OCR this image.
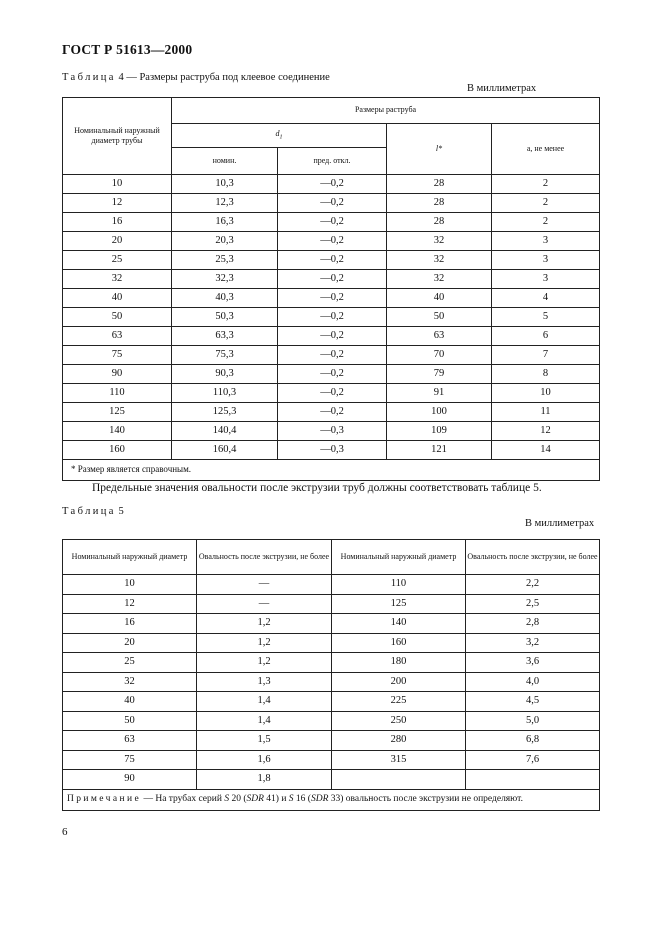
ГОСТ Р 51613—2000
Таблица 4 — Размеры раструба под клеевое соединение
В миллиметрах
Номинальный наружный диаметр трубы	Размеры раструба			
	$d_1$		l*	а, не менее
	номин.	пред. откл.		
10	10,3	—0,2	28	2
12	12,3	—0,2	28	2
16	16,3	—0,2	28	2
20	20,3	—0,2	32	3
25	25,3	—0,2	32	3
32	32,3	—0,2	32	3
40	40,3	—0,2	40	4
50	50,3	—0,2	50	5
63	63,3	—0,2	63	6
75	75,3	—0,2	70	7
90	90,3	—0,2	79	8
110	110,3	—0,2	91	10
125	125,3	—0,2	100	11
140	140,4	—0,3	109	12
160	160,4	—0,3	121	14
* Размер является справочным.				
Предельные значения овальности после экструзии труб должны соответствовать таблице 5.
Таблица 5
В миллиметрах
Номинальный наружный диаметр	Овальность после экструзии, не более	Номинальный наружный диаметр	Овальность после экструзии, не более
10	—	110	2,2
12	—	125	2,5
16	1,2	140	2,8
20	1,2	160	3,2
25	1,2	180	3,6
32	1,3	200	4,0
40	1,4	225	4,5
50	1,4	250	5,0
63	1,5	280	6,8
75	1,6	315	7,6
90	1,8		
Примечание — На трубах серий S 20 (SDR 41) и S 16 (SDR 33) овальность после экструзии не определяют.			
6
